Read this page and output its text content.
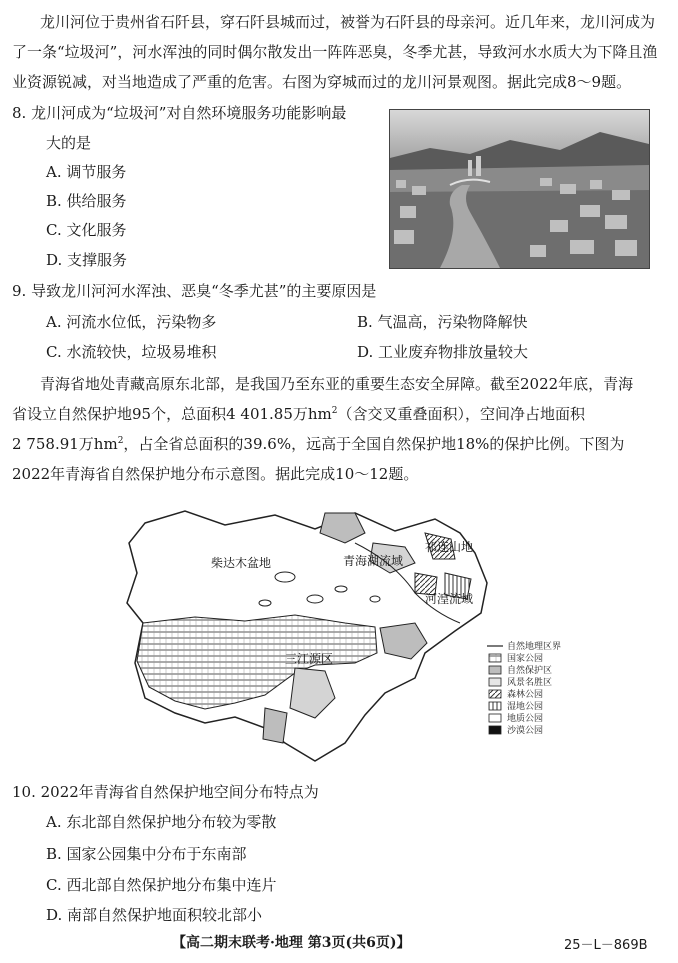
龙川河位于贵州省石阡县，穿石阡县城而过，被誉为石阡县的母亲河。近几年来，龙川河成为
了一条“垃圾河”，河水浑浊的同时偶尔散发出一阵阵恶臭，冬季尤甚，导致河水水质大为下降且渔
业资源锐减，对当地造成了严重的危害。右图为穿城而过的龙川河景观图。据此完成8～9题。
8. 龙川河成为“垃圾河”对自然环境服务功能影响最
大的是
A. 调节服务
B. 供给服务
C. 文化服务
D. 支撑服务
9. 导致龙川河河水浑浊、恶臭“冬季尤甚”的主要原因是
A. 河流水位低，污染物多	B. 气温高，污染物降解快
C. 水流较快，垃圾易堆积	D. 工业废弃物排放量较大
青海省地处青藏高原东北部，是我国乃至东亚的重要生态安全屏障。截至2022年底，青海
省设立自然保护地95个，总面积4 401.85万$hm^2$（含交叉重叠面积），空间净占地面积
2 758.91万$hm^2$，占全省总面积的39.6%，远高于全国自然保护地18%的保护比例。下图为
2022年青海省自然保护地分布示意图。据此完成10～12题。
柴达木盆地
祁连山地
青海湖流域
河湟流域
三江源区
自然地理区界
国家公园
自然保护区
风景名胜区
森林公园
湿地公园
地质公园
沙漠公园
10. 2022年青海省自然保护地空间分布特点为
A. 东北部自然保护地分布较为零散
B. 国家公园集中分布于东南部
C. 西北部自然保护地分布集中连片
D. 南部自然保护地面积较北部小
【高二期末联考·地理 第3页(共6页)】	25－L－869B
